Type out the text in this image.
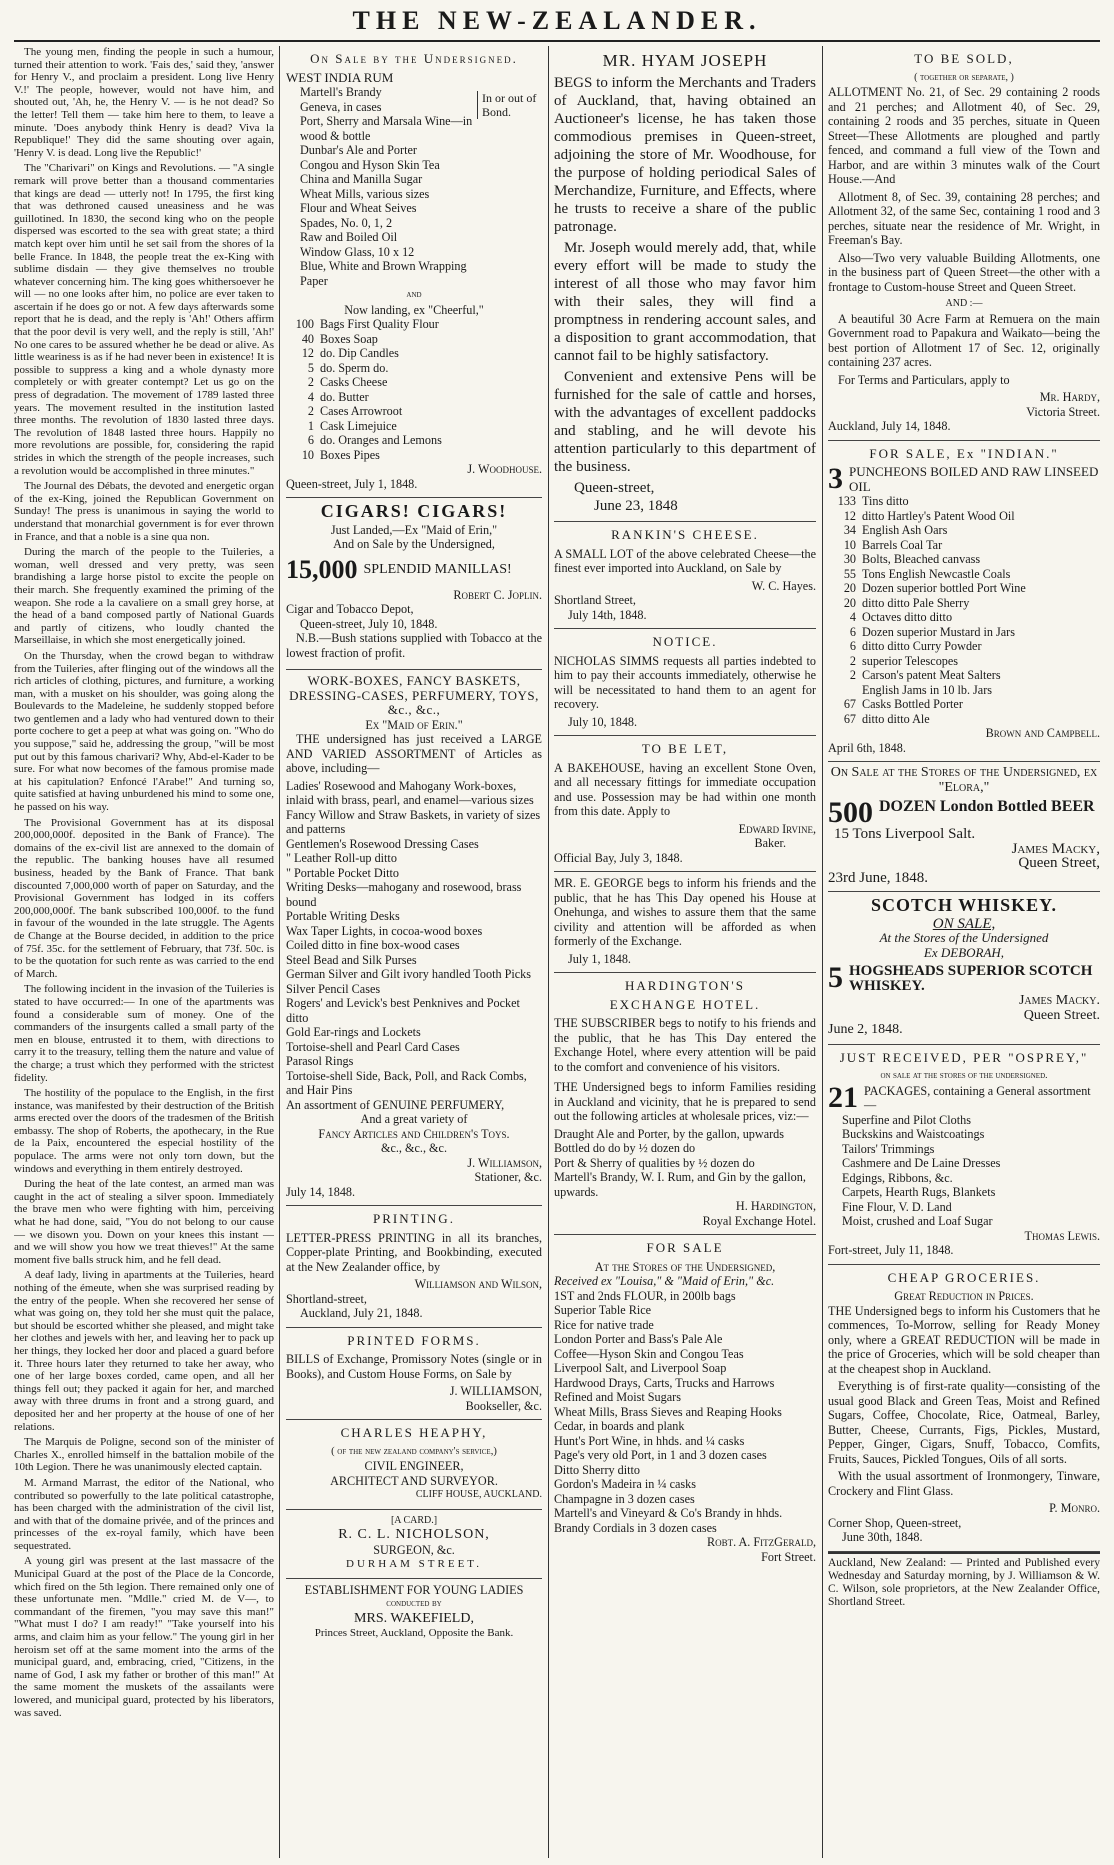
THE NEW-ZEALANDER.

The young men, finding the people in such a humour, turned their attention to work. 'Fais des,' said they, 'answer for Henry V., and proclaim a president. Long live Henry V.!' The people, however, would not have him, and shouted out, 'Ah, he, the Henry V. — is he not dead? So the letter! Tell them — take him here to them, to leave a minute. 'Does anybody think Henry is dead? Viva la Republique!' They did the same shouting over again, 'Henry V. is dead. Long live the Republic!'

The "Charivari" on Kings and Revolutions. — "A single remark will prove better than a thousand commentaries that kings are dead — utterly not! In 1795, the first king that was dethroned caused uneasiness and he was guillotined. In 1830, the second king who on the people dispersed was escorted to the sea with great state; a third match kept over him until he set sail from the shores of la belle France. In 1848, the people treat the ex-King with sublime disdain — they give themselves no trouble whatever concerning him. The king goes whithersoever he will — no one looks after him, no police are ever taken to ascertain if he does go or not. A few days afterwards some report that he is dead, and the reply is 'Ah!' Others affirm that the poor devil is very well, and the reply is still, 'Ah!' No one cares to be assured whether he be dead or alive. As little weariness is as if he had never been in existence! It is possible to suppress a king and a whole dynasty more completely or with greater contempt? Let us go on the press of degradation. The movement of 1789 lasted three years. The movement resulted in the institution lasted three months. The revolution of 1830 lasted three days. The revolution of 1848 lasted three hours. Happily no more revolutions are possible, for, considering the rapid strides in which the strength of the people increases, such a revolution would be accomplished in three minutes."

The Journal des Débats, the devoted and energetic organ of the ex-King, joined the Republican Government on Sunday! The press is unanimous in saying the world to understand that monarchial government is for ever thrown in France, and that a noble is a sine qua non.

During the march of the people to the Tuileries, a woman, well dressed and very pretty, was seen brandishing a large horse pistol to excite the people on their march. She frequently examined the priming of the weapon. She rode a la cavaliere on a small grey horse, at the head of a band composed partly of National Guards and partly of citizens, who loudly chanted the Marseillaise, in which she most energetically joined.

On the Thursday, when the crowd began to withdraw from the Tuileries, after flinging out of the windows all the rich articles of clothing, pictures, and furniture, a working man, with a musket on his shoulder, was going along the Boulevards to the Madeleine, he suddenly stopped before two gentlemen and a lady who had ventured down to their porte cochere to get a peep at what was going on. "Who do you suppose," said he, addressing the group, "will be most put out by this famous charivari? Why, Abd-el-Kader to be sure. For what now becomes of the famous promise made at his capitulation? Enfoncé l'Arabe!" And turning so, quite satisfied at having unburdened his mind to some one, he passed on his way.

The Provisional Government has at its disposal 200,000,000f. deposited in the Bank of France). The domains of the ex-civil list are annexed to the domain of the republic. The banking houses have all resumed business, headed by the Bank of France. That bank discounted 7,000,000 worth of paper on Saturday, and the Provisional Government has lodged in its coffers 200,000,000f. The bank subscribed 100,000f. to the fund in favour of the wounded in the late struggle. The Agents de Change at the Bourse decided, in addition to the price of 75f. 35c. for the settlement of February, that 73f. 50c. is to be the quotation for such rente as was carried to the end of March.

The following incident in the invasion of the Tuileries is stated to have occurred:— In one of the apartments was found a considerable sum of money. One of the commanders of the insurgents called a small party of the men en blouse, entrusted it to them, with directions to carry it to the treasury, telling them the nature and value of the charge; a trust which they performed with the strictest fidelity.

The hostility of the populace to the English, in the first instance, was manifested by their destruction of the British arms erected over the doors of the tradesmen of the British embassy. The shop of Roberts, the apothecary, in the Rue de la Paix, encountered the especial hostility of the populace. The arms were not only torn down, but the windows and everything in them entirely destroyed.

During the heat of the late contest, an armed man was caught in the act of stealing a silver spoon. Immediately the brave men who were fighting with him, perceiving what he had done, said, "You do not belong to our cause — we disown you. Down on your knees this instant — and we will show you how we treat thieves!" At the same moment five balls struck him, and he fell dead.

A deaf lady, living in apartments at the Tuileries, heard nothing of the émeute, when she was surprised reading by the entry of the people. When she recovered her sense of what was going on, they told her she must quit the palace, but should be escorted whither she pleased, and might take her clothes and jewels with her, and leaving her to pack up her things, they locked her door and placed a guard before it. Three hours later they returned to take her away, who one of her large boxes corded, came open, and all her things fell out; they packed it again for her, and marched away with three drums in front and a strong guard, and deposited her and her property at the house of one of her relations.

The Marquis de Poligne, second son of the minister of Charles X., enrolled himself in the battalion mobile of the 10th Legion. There he was unanimously elected captain.

M. Armand Marrast, the editor of the National, who contributed so powerfully to the late political catastrophe, has been charged with the administration of the civil list, and with that of the domaine privée, and of the princes and princesses of the ex-royal family, which have been sequestrated.

A young girl was present at the last massacre of the Municipal Guard at the post of the Place de la Concorde, which fired on the 5th legion. There remained only one of these unfortunate men. "Mdlle." cried M. de V—, to commandant of the firemen, "you may save this man!" "What must I do? I am ready!" "Take yourself into his arms, and claim him as your fellow." The young girl in her heroism set off at the same moment into the arms of the municipal guard, and, embracing, cried, "Citizens, in the name of God, I ask my father or brother of this man!" At the same moment the muskets of the assailants were lowered, and municipal guard, protected by his liberators, was saved.

On Sale by the Undersigned.
WEST INDIA RUM
Martell's Brandy
Geneva, in cases
Port, Sherry and Marsala Wine—in wood & bottle
Dunbar's Ale and Porter
Congou and Hyson Skin Tea
China and Manilla Sugar
Wheat Mills, various sizes
Flour and Wheat Seives
Spades, No. 0, 1, 2
Raw and Boiled Oil
Window Glass, 10 x 12
Blue, White and Brown Wrapping Paper
In or out of Bond.
and
Now landing, ex "Cheerful,"
100 Bags First Quality Flour
40 Boxes Soap
12 do. Dip Candles
5 do. Sperm do.
2 Casks Cheese
4 do. Butter
2 Cases Arrowroot
1 Cask Limejuice
6 do. Oranges and Lemons
10 Boxes Pipes
J. Woodhouse.
Queen-street, July 1, 1848.
CIGARS! CIGARS!
Just Landed,—Ex "Maid of Erin,"
And on Sale by the Undersigned,
15,000 SPLENDID MANILLAS!
Robert C. Joplin.
Cigar and Tobacco Depot,
Queen-street, July 10, 1848.

N.B.—Bush stations supplied with Tobacco at the lowest fraction of profit.

WORK-BOXES, FANCY BASKETS, DRESSING-CASES, PERFUMERY, TOYS, &c., &c.,
Ex "Maid of Erin."

THE undersigned has just received a LARGE AND VARIED ASSORTMENT of Articles as above, including—

Ladies' Rosewood and Mahogany Work-boxes, inlaid with brass, pearl, and enamel—various sizes
Fancy Willow and Straw Baskets, in variety of sizes and patterns
Gentlemen's Rosewood Dressing Cases
" Leather Roll-up ditto
" Portable Pocket Ditto
Writing Desks—mahogany and rosewood, brass bound
Portable Writing Desks
Wax Taper Lights, in cocoa-wood boxes
Coiled ditto in fine box-wood cases
Steel Bead and Silk Purses
German Silver and Gilt ivory handled Tooth Picks
Silver Pencil Cases
Rogers' and Levick's best Penknives and Pocket ditto
Gold Ear-rings and Lockets
Tortoise-shell and Pearl Card Cases
Parasol Rings
Tortoise-shell Side, Back, Poll, and Rack Combs, and Hair Pins
An assortment of GENUINE PERFUMERY,
And a great variety of
Fancy Articles and Children's Toys.
&c., &c., &c.
J. Williamson,
Stationer, &c.
July 14, 1848.
PRINTING.

LETTER-PRESS PRINTING in all its branches, Copper-plate Printing, and Bookbinding, executed at the New Zealander office, by

Williamson and Wilson,
Shortland-street,
Auckland, July 21, 1848.
PRINTED FORMS.

BILLS of Exchange, Promissory Notes (single or in Books), and Custom House Forms, on Sale by

J. WILLIAMSON,
Bookseller, &c.
CHARLES HEAPHY,
( of the new zealand company's service,)
CIVIL ENGINEER,
ARCHITECT AND SURVEYOR.
CLIFF HOUSE, AUCKLAND.
[A CARD.]
R. C. L. NICHOLSON,
SURGEON, &c.
DURHAM STREET.
ESTABLISHMENT FOR YOUNG LADIES
conducted by
MRS. WAKEFIELD,
Princes Street, Auckland, Opposite the Bank.
MR. HYAM JOSEPH

BEGS to inform the Merchants and Traders of Auckland, that, having obtained an Auctioneer's license, he has taken those commodious premises in Queen-street, adjoining the store of Mr. Woodhouse, for the purpose of holding periodical Sales of Merchandize, Furniture, and Effects, where he trusts to receive a share of the public patronage.

Mr. Joseph would merely add, that, while every effort will be made to study the interest of all those who may favor him with their sales, they will find a promptness in rendering account sales, and a disposition to grant accommodation, that cannot fail to be highly satisfactory.

Convenient and extensive Pens will be furnished for the sale of cattle and horses, with the advantages of excellent paddocks and stabling, and he will devote his attention particularly to this department of the business.

Queen-street,
June 23, 1848
RANKIN'S CHEESE.

A SMALL LOT of the above celebrated Cheese—the finest ever imported into Auckland, on Sale by

W. C. Hayes.
Shortland Street,
July 14th, 1848.
NOTICE.

NICHOLAS SIMMS requests all parties indebted to him to pay their accounts immediately, otherwise he will be necessitated to hand them to an agent for recovery.

July 10, 1848.
TO BE LET,

A BAKEHOUSE, having an excellent Stone Oven, and all necessary fittings for immediate occupation and use. Possession may be had within one month from this date. Apply to

Edward Irvine,
Baker.
Official Bay, July 3, 1848.

MR. E. GEORGE begs to inform his friends and the public, that he has This Day opened his House at Onehunga, and wishes to assure them that the same civility and attention will be afforded as when formerly of the Exchange.

July 1, 1848.
HARDINGTON'S
EXCHANGE HOTEL.

THE SUBSCRIBER begs to notify to his friends and the public, that he has This Day entered the Exchange Hotel, where every attention will be paid to the comfort and convenience of his visitors.

THE Undersigned begs to inform Families residing in Auckland and vicinity, that he is prepared to send out the following articles at wholesale prices, viz:—

Draught Ale and Porter, by the gallon, upwards
Bottled do do by ½ dozen do
Port & Sherry of qualities by ½ dozen do
Martell's Brandy, W. I. Rum, and Gin by the gallon, upwards.
H. Hardington,
Royal Exchange Hotel.
FOR SALE
At the Stores of the Undersigned,
Received ex "Louisa," & "Maid of Erin," &c.
1ST and 2nds FLOUR, in 200lb bags
Superior Table Rice
Rice for native trade
London Porter and Bass's Pale Ale
Coffee—Hyson Skin and Congou Teas
Liverpool Salt, and Liverpool Soap
Hardwood Drays, Carts, Trucks and Harrows
Refined and Moist Sugars
Wheat Mills, Brass Sieves and Reaping Hooks
Cedar, in boards and plank
Hunt's Port Wine, in hhds. and ¼ casks
Page's very old Port, in 1 and 3 dozen cases
Ditto Sherry ditto
Gordon's Madeira in ¼ casks
Champagne in 3 dozen cases
Martell's and Vineyard & Co's Brandy in hhds.
Brandy Cordials in 3 dozen cases
Robt. A. FitzGerald,
Fort Street.
TO BE SOLD,
( together or separate, )

ALLOTMENT No. 21, of Sec. 29 containing 2 roods and 21 perches; and Allotment 40, of Sec. 29, containing 2 roods and 35 perches, situate in Queen Street—These Allotments are ploughed and partly fenced, and command a full view of the Town and Harbor, and are within 3 minutes walk of the Court House.—And

Allotment 8, of Sec. 39, containing 28 perches; and Allotment 32, of the same Sec, containing 1 rood and 3 perches, situate near the residence of Mr. Wright, in Freeman's Bay.

Also—Two very valuable Building Allotments, one in the business part of Queen Street—the other with a frontage to Custom-house Street and Queen Street.

AND :—

A beautiful 30 Acre Farm at Remuera on the main Government road to Papakura and Waikato—being the best portion of Allotment 17 of Sec. 12, originally containing 237 acres.

For Terms and Particulars, apply to

Mr. Hardy,
Victoria Street.
Auckland, July 14, 1848.
FOR SALE, Ex "INDIAN."
3 PUNCHEONS BOILED AND RAW LINSEED OIL
133 Tins ditto
12 ditto Hartley's Patent Wood Oil
34 English Ash Oars
10 Barrels Coal Tar
30 Bolts, Bleached canvass
55 Tons English Newcastle Coals
20 Dozen superior bottled Port Wine
20 ditto ditto Pale Sherry
4 Octaves ditto ditto
6 Dozen superior Mustard in Jars
6 ditto ditto Curry Powder
2 superior Telescopes
2 Carson's patent Meat Salters
English Jams in 10 lb. Jars
67 Casks Bottled Porter
67 ditto ditto Ale
Brown and Campbell.
April 6th, 1848.
On Sale at the Stores of the Undersigned, ex "Elora,"
500 DOZEN London Bottled BEER
15 Tons Liverpool Salt.
James Macky,
Queen Street,
23rd June, 1848.
SCOTCH WHISKEY.
ON SALE,
At the Stores of the Undersigned
Ex DEBORAH,
5 HOGSHEADS SUPERIOR SCOTCH WHISKEY.
James Macky.
Queen Street.
June 2, 1848.
JUST RECEIVED, PER "OSPREY,"
on sale at the stores of the undersigned.
21 PACKAGES, containing a General assortment—
Superfine and Pilot Cloths
Buckskins and Waistcoatings
Tailors' Trimmings
Cashmere and De Laine Dresses
Edgings, Ribbons, &c.
Carpets, Hearth Rugs, Blankets
Fine Flour, V. D. Land
Moist, crushed and Loaf Sugar
Thomas Lewis.
Fort-street, July 11, 1848.
CHEAP GROCERIES.
Great Reduction in Prices.

THE Undersigned begs to inform his Customers that he commences, To-Morrow, selling for Ready Money only, where a GREAT REDUCTION will be made in the price of Groceries, which will be sold cheaper than at the cheapest shop in Auckland.

Everything is of first-rate quality—consisting of the usual good Black and Green Teas, Moist and Refined Sugars, Coffee, Chocolate, Rice, Oatmeal, Barley, Butter, Cheese, Currants, Figs, Pickles, Mustard, Pepper, Ginger, Cigars, Snuff, Tobacco, Comfits, Fruits, Sauces, Pickled Tongues, Oils of all sorts.

With the usual assortment of Ironmongery, Tinware, Crockery and Flint Glass.

P. Monro.
Corner Shop, Queen-street,
June 30th, 1848.
Auckland, New Zealand: — Printed and Published every Wednesday and Saturday morning, by J. Williamson & W. C. Wilson, sole proprietors, at the New Zealander Office, Shortland Street.
